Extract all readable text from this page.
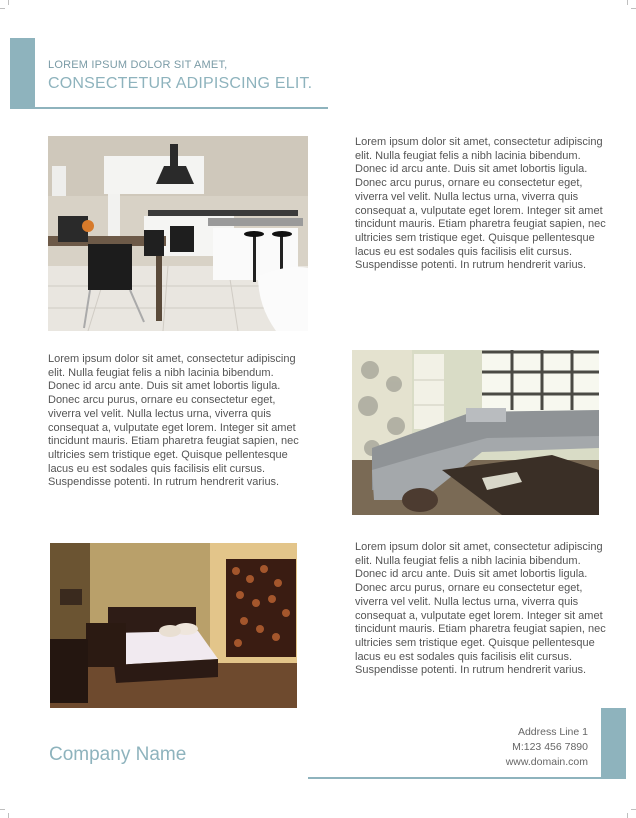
LOREM IPSUM DOLOR SIT AMET,
CONSECTETUR ADIPISCING ELIT.
Lorem ipsum dolor sit amet, consectetur adipiscing elit. Nulla feugiat felis a nibh lacinia bibendum. Donec id arcu ante. Duis sit amet lobortis ligula. Donec arcu purus, ornare eu consectetur eget, viverra vel velit. Nulla lectus urna, viverra quis consequat a, vulputate eget lorem. Integer sit amet tincidunt mauris. Etiam pharetra feugiat sapien, nec ultricies sem tristique eget. Quisque pellentesque lacus eu est sodales quis facilisis elit cursus. Suspendisse potenti. In rutrum hendrerit varius.
Lorem ipsum dolor sit amet, consectetur adipiscing elit. Nulla feugiat felis a nibh lacinia bibendum. Donec id arcu ante. Duis sit amet lobortis ligula. Donec arcu purus, ornare eu consectetur eget, viverra vel velit. Nulla lectus urna, viverra quis consequat a, vulputate eget lorem. Integer sit amet tincidunt mauris. Etiam pharetra feugiat sapien, nec ultricies sem tristique eget. Quisque pellentesque lacus eu est sodales quis facilisis elit cursus. Suspendisse potenti. In rutrum hendrerit varius.
Lorem ipsum dolor sit amet, consectetur adipiscing elit. Nulla feugiat felis a nibh lacinia bibendum. Donec id arcu ante. Duis sit amet lobortis ligula. Donec arcu purus, ornare eu consectetur eget, viverra vel velit. Nulla lectus urna, viverra quis consequat a, vulputate eget lorem. Integer sit amet tincidunt mauris. Etiam pharetra feugiat sapien, nec ultricies sem tristique eget. Quisque pellentesque lacus eu est sodales quis facilisis elit cursus. Suspendisse potenti. In rutrum hendrerit varius.
Company Name
Address Line 1
M:123 456 7890
www.domain.com
